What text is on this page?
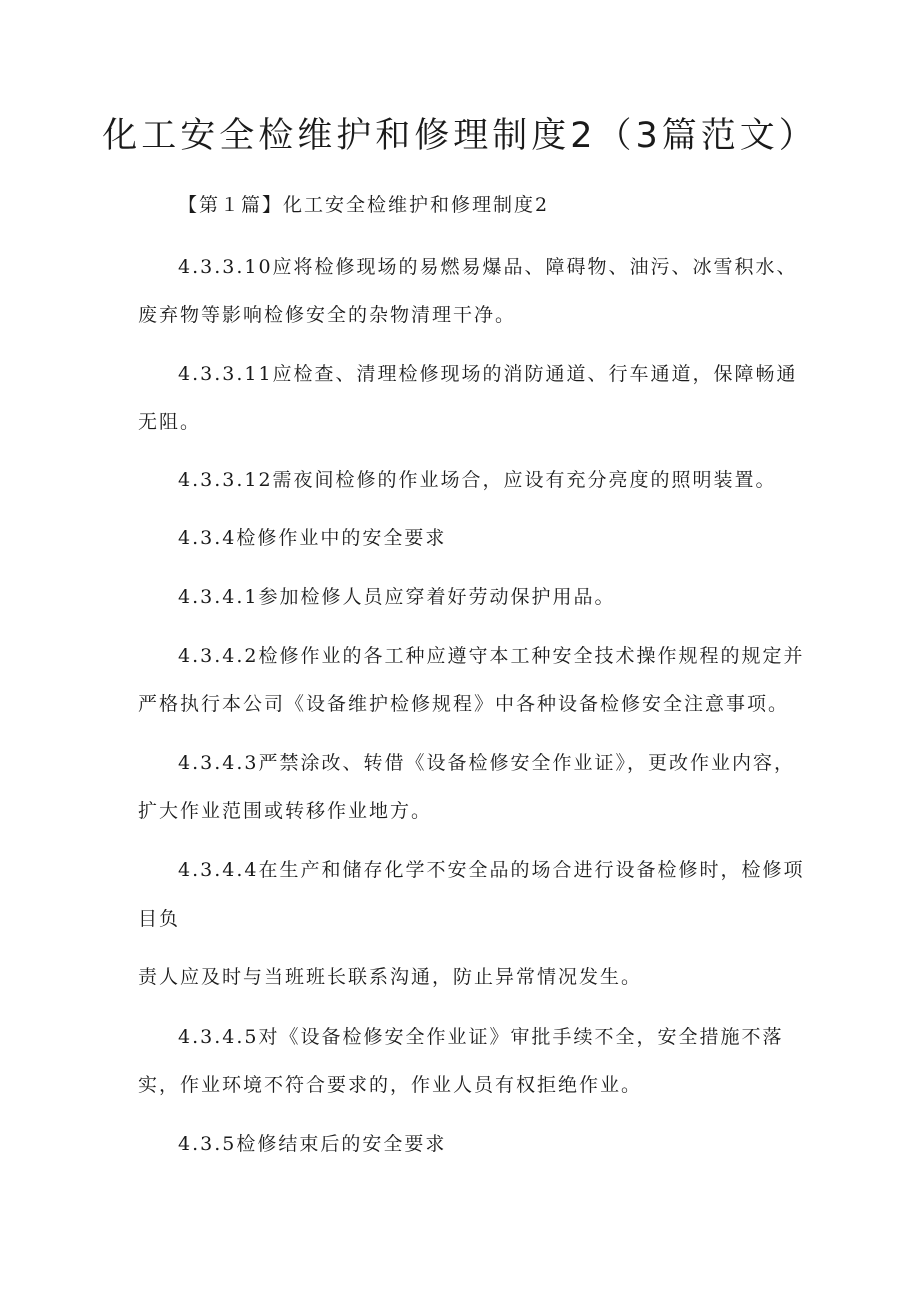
化工安全检维护和修理制度2（3篇范文）

【第１篇】化工安全检维护和修理制度2

4.3.3.10应将检修现场的易燃易爆品、障碍物、油污、冰雪积水、

废弃物等影响检修安全的杂物清理干净。

4.3.3.11应检查、清理检修现场的消防通道、行车通道，保障畅通

无阻。

4.3.3.12需夜间检修的作业场合，应设有充分亮度的照明装置。

4.3.4检修作业中的安全要求

4.3.4.1参加检修人员应穿着好劳动保护用品。

4.3.4.2检修作业的各工种应遵守本工种安全技术操作规程的规定并

严格执行本公司《设备维护检修规程》中各种设备检修安全注意事项。

4.3.4.3严禁涂改、转借《设备检修安全作业证》，更改作业内容，

扩大作业范围或转移作业地方。

4.3.4.4在生产和储存化学不安全品的场合进行设备检修时，检修项

目负

责人应及时与当班班长联系沟通，防止异常情况发生。

4.3.4.5对《设备检修安全作业证》审批手续不全，安全措施不落

实，作业环境不符合要求的，作业人员有权拒绝作业。

4.3.5检修结束后的安全要求
